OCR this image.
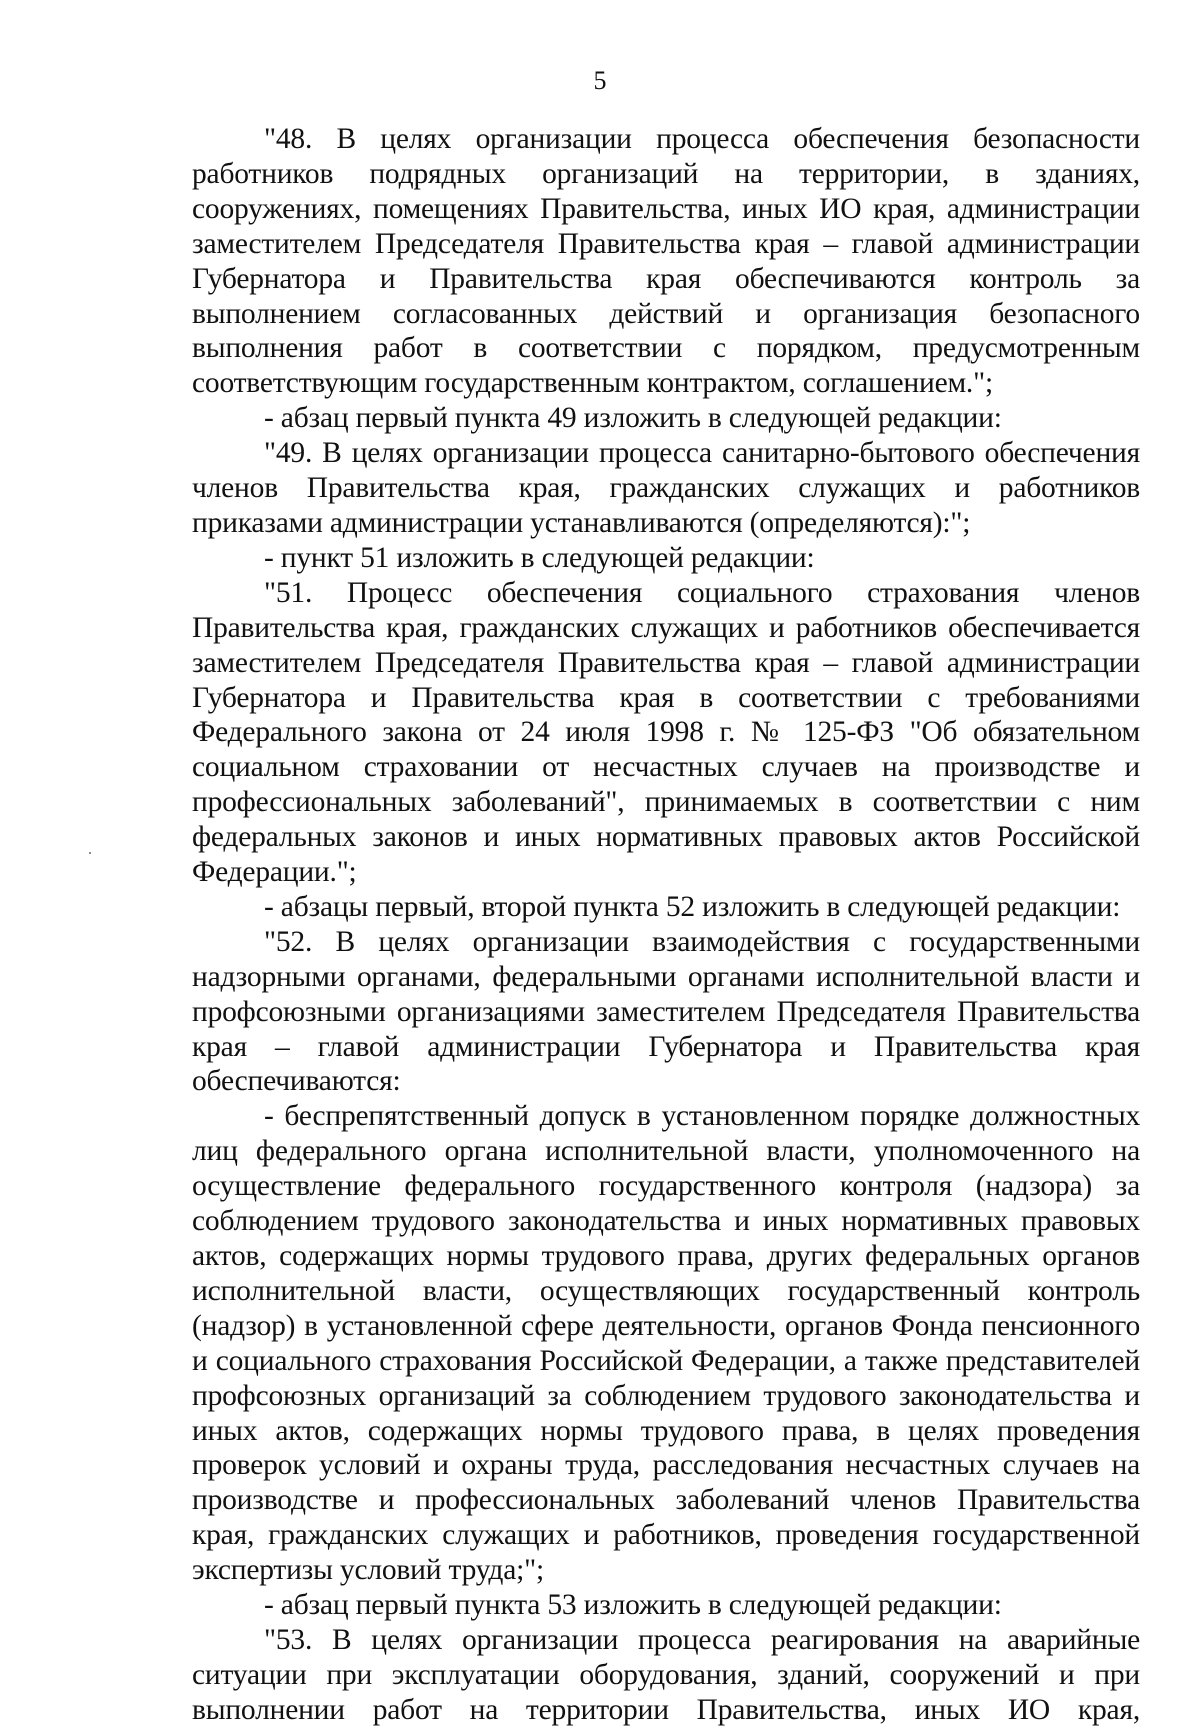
5

"48. В целях организации процесса обеспечения безопасности работников подрядных организаций на территории, в зданиях, сооружениях, помещениях Правительства, иных ИО края, администрации заместителем Председателя Правительства края – главой администрации Губернатора и Правительства края обеспечиваются контроль за выполнением согласованных действий и организация безопасного выполнения работ в соответствии с порядком, предусмотренным соответствующим государственным контрактом, соглашением.";

- абзац первый пункта 49 изложить в следующей редакции:

"49. В целях организации процесса санитарно-бытового обеспечения членов Правительства края, гражданских служащих и работников приказами администрации устанавливаются (определяются):";

- пункт 51 изложить в следующей редакции:

"51. Процесс обеспечения социального страхования членов Правительства края, гражданских служащих и работников обеспечивается заместителем Председателя Правительства края – главой администрации Губернатора и Правительства края в соответствии с требованиями Федерального закона от 24 июля 1998 г. № 125-ФЗ "Об обязательном социальном страховании от несчастных случаев на производстве и профессиональных заболеваний", принимаемых в соответствии с ним федеральных законов и иных нормативных правовых актов Российской Федерации.";

- абзацы первый, второй пункта 52 изложить в следующей редакции:

"52. В целях организации взаимодействия с государственными надзорными органами, федеральными органами исполнительной власти и профсоюзными организациями заместителем Председателя Правительства края – главой администрации Губернатора и Правительства края обеспечиваются:

- беспрепятственный допуск в установленном порядке должностных лиц федерального органа исполнительной власти, уполномоченного на осуществление федерального государственного контроля (надзора) за соблюдением трудового законодательства и иных нормативных правовых актов, содержащих нормы трудового права, других федеральных органов исполнительной власти, осуществляющих государственный контроль (надзор) в установленной сфере деятельности, органов Фонда пенсионного и социального страхования Российской Федерации, а также представителей профсоюзных организаций за соблюдением трудового законодательства и иных актов, содержащих нормы трудового права, в целях проведения проверок условий и охраны труда, расследования несчастных случаев на производстве и профессиональных заболеваний членов Правительства края, гражданских служащих и работников, проведения государственной экспертизы условий труда;";

- абзац первый пункта 53 изложить в следующей редакции:

"53. В целях организации процесса реагирования на аварийные ситуации при эксплуатации оборудования, зданий, сооружений и при выполнении работ на территории Правительства, иных ИО края,
